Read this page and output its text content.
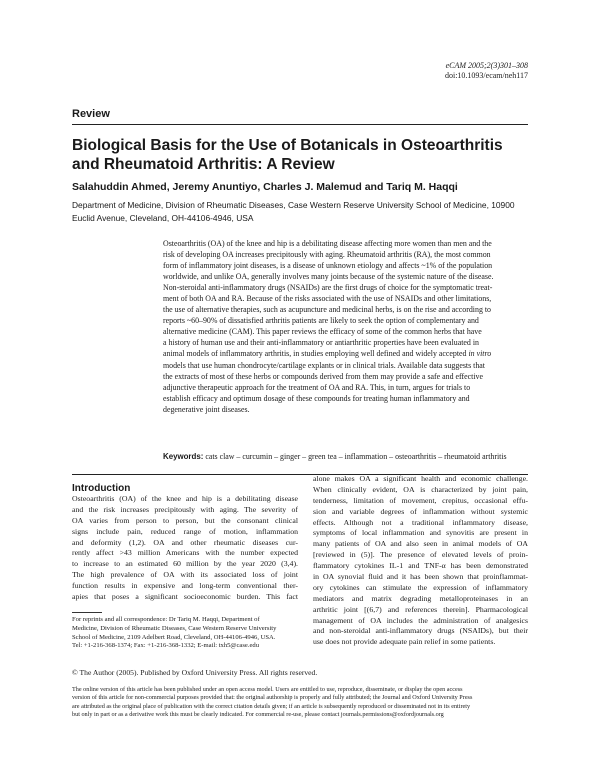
eCAM 2005;2(3)301–308
doi:10.1093/ecam/neh117
Review
Biological Basis for the Use of Botanicals in Osteoarthritis and Rheumatoid Arthritis: A Review
Salahuddin Ahmed, Jeremy Anuntiyo, Charles J. Malemud and Tariq M. Haqqi
Department of Medicine, Division of Rheumatic Diseases, Case Western Reserve University School of Medicine, 10900 Euclid Avenue, Cleveland, OH-44106-4946, USA
Osteoarthritis (OA) of the knee and hip is a debilitating disease affecting more women than men and the
risk of developing OA increases precipitously with aging. Rheumatoid arthritis (RA), the most common
form of inflammatory joint diseases, is a disease of unknown etiology and affects ~1% of the population
worldwide, and unlike OA, generally involves many joints because of the systemic nature of the disease.
Non-steroidal anti-inflammatory drugs (NSAIDs) are the first drugs of choice for the symptomatic treat-
ment of both OA and RA. Because of the risks associated with the use of NSAIDs and other limitations,
the use of alternative therapies, such as acupuncture and medicinal herbs, is on the rise and according to
reports ~60–90% of dissatisfied arthritis patients are likely to seek the option of complementary and
alternative medicine (CAM). This paper reviews the efficacy of some of the common herbs that have
a history of human use and their anti-inflammatory or antiarthritic properties have been evaluated in
animal models of inflammatory arthritis, in studies employing well defined and widely accepted in vitro
models that use human chondrocyte/cartilage explants or in clinical trials. Available data suggests that
the extracts of most of these herbs or compounds derived from them may provide a safe and effective
adjunctive therapeutic approach for the treatment of OA and RA. This, in turn, argues for trials to
establish efficacy and optimum dosage of these compounds for treating human inflammatory and
degenerative joint diseases.
Keywords: cats claw – curcumin – ginger – green tea – inflammation – osteoarthritis – rheumatoid arthritis
Introduction
Osteoarthritis (OA) of the knee and hip is a debilitating disease
and the risk increases precipitously with aging. The severity of
OA varies from person to person, but the consonant clinical
signs include pain, reduced range of motion, inflammation
and deformity (1,2). OA and other rheumatic diseases cur-
rently affect >43 million Americans with the number expected
to increase to an estimated 60 million by the year 2020 (3,4).
The high prevalence of OA with its associated loss of joint
function results in expensive and long-term conventional ther-
apies that poses a significant socioeconomic burden. This fact
alone makes OA a significant health and economic challenge.
When clinically evident, OA is characterized by joint pain,
tenderness, limitation of movement, crepitus, occasional effu-
sion and variable degrees of inflammation without systemic
effects. Although not a traditional inflammatory disease,
symptoms of local inflammation and synovitis are present in
many patients of OA and also seen in animal models of OA
[reviewed in (5)]. The presence of elevated levels of proin-
flammatory cytokines IL-1 and TNF-α has been demonstrated
in OA synovial fluid and it has been shown that proinflammat-
ory cytokines can stimulate the expression of inflammatory
mediators and matrix degrading metalloproteinases in an
arthritic joint [(6,7) and references therein]. Pharmacological
management of OA includes the administration of analgesics
and non-steroidal anti-inflammatory drugs (NSAIDs), but their
use does not provide adequate pain relief in some patients.
For reprints and all correspondence: Dr Tariq M. Haqqi, Department of
Medicine, Division of Rheumatic Diseases, Case Western Reserve University
School of Medicine, 2109 Adelbert Road, Cleveland, OH-44106-4946, USA.
Tel: +1-216-368-1374; Fax: +1-216-368-1332; E-mail: txh5@case.edu
© The Author (2005). Published by Oxford University Press. All rights reserved.
The online version of this article has been published under an open access model. Users are entitled to use, reproduce, disseminate, or display the open access
version of this article for non-commercial purposes provided that: the original authorship is properly and fully attributed; the Journal and Oxford University Press
are attributed as the original place of publication with the correct citation details given; if an article is subsequently reproduced or disseminated not in its entirety
but only in part or as a derivative work this must be clearly indicated. For commercial re-use, please contact journals.permissions@oxfordjournals.org
